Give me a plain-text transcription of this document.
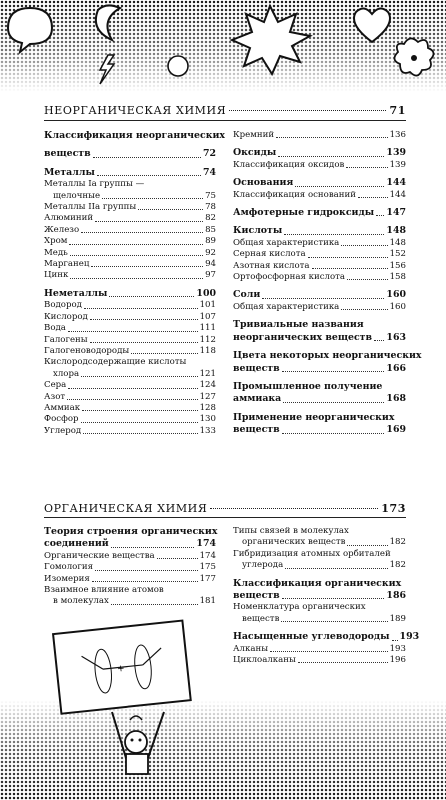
НЕОРГАНИЧЕСКАЯ ХИМИЯ	71
Классификация неорганических
веществ	72
Металлы	74
Металлы Ia группы —
щелочные	75
Металлы IIa группы	78
Алюминий	82
Железо	85
Хром	89
Медь	92
Марганец	94
Цинк	97
Неметаллы	100
Водород	101
Кислород	107
Вода	111
Галогены	112
Галогеноводороды	118
Кислородсодержащие кислоты
хлора	121
Сера	124
Азот	127
Аммиак	128
Фосфор	130
Углерод	133
Кремний	136
Оксиды	139
Классификация оксидов	139
Основания	144
Классификация оснований	144
Амфотерные гидроксиды 147
Кислоты	148
Общая характеристика	148
Серная кислота	152
Азотная кислота	156
Ортофосфорная кислота	158
Соли	160
Общая характеристика	160
Тривиальные названия
неорганических веществ 163
Цвета некоторых неорганических
веществ	166
Промышленное получение
аммиака	168
Применение неорганических
веществ	169
ОРГАНИЧЕСКАЯ ХИМИЯ	173
Теория строения органических
соединений	174
Органические вещества	174
Гомология	175
Изомерия	177
Взаимное влияние атомов
в молекулах	181
Типы связей в молекулах
органических веществ	182
Гибридизация атомных орбиталей
углерода	182
Классификация органических
веществ	186
Номенклатура органических
веществ	189
Насыщенные углеводороды 193
Алканы	193
Циклоалканы	196
+
